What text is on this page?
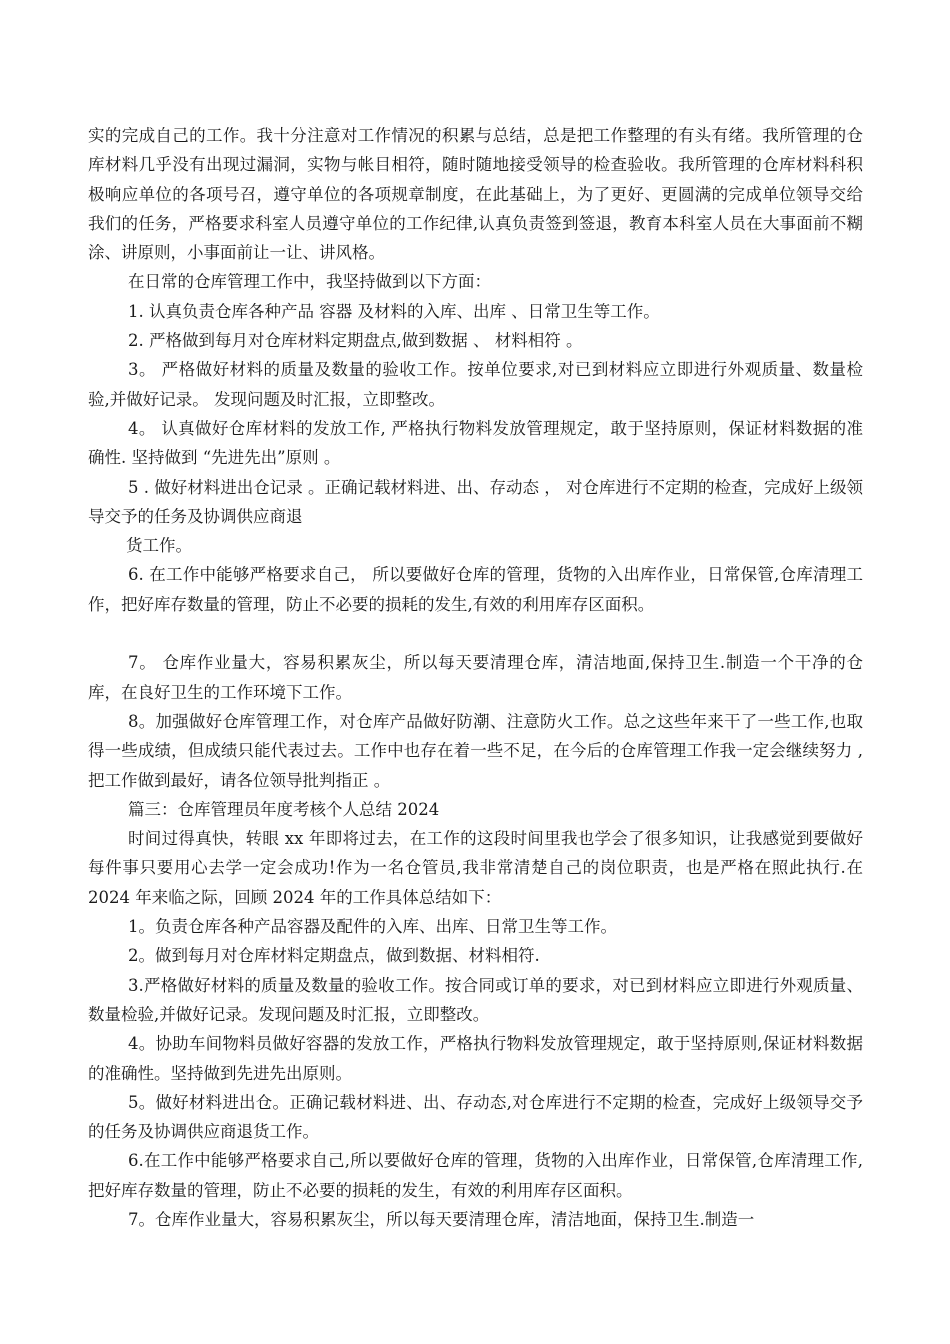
实的完成自己的工作。我十分注意对工作情况的积累与总结，总是把工作整理的有头有绪。我所管理的仓库材料几乎没有出现过漏洞，实物与帐目相符，随时随地接受领导的检查验收。我所管理的仓库材料科积极响应单位的各项号召，遵守单位的各项规章制度，在此基础上，为了更好、更圆满的完成单位领导交给我们的任务，严格要求科室人员遵守单位的工作纪律,认真负责签到签退，教育本科室人员在大事面前不糊涂、讲原则，小事面前让一让、讲风格。

在日常的仓库管理工作中，我坚持做到以下方面：

1. 认真负责仓库各种产品 容器 及材料的入库、出库 、日常卫生等工作。

2. 严格做到每月对仓库材料定期盘点,做到数据 、 材料相符 。

3。 严格做好材料的质量及数量的验收工作。按单位要求,对已到材料应立即进行外观质量、数量检验,并做好记录。 发现问题及时汇报，立即整改。

4。 认真做好仓库材料的发放工作, 严格执行物料发放管理规定，敢于坚持原则，保证材料数据的准确性. 坚持做到 “先进先出”原则 。

5 . 做好材料进出仓记录 。正确记载材料进、出、存动态 ， 对仓库进行不定期的检查，完成好上级领导交予的任务及协调供应商退

货工作。

6. 在工作中能够严格要求自己， 所以要做好仓库的管理，货物的入出库作业，日常保管,仓库清理工作，把好库存数量的管理，防止不必要的损耗的发生,有效的利用库存区面积。

7。 仓库作业量大，容易积累灰尘，所以每天要清理仓库，清洁地面,保持卫生.制造一个干净的仓库，在良好卫生的工作环境下工作。

8。加强做好仓库管理工作，对仓库产品做好防潮、注意防火工作。总之这些年来干了一些工作,也取得一些成绩，但成绩只能代表过去。工作中也存在着一些不足，在今后的仓库管理工作我一定会继续努力 ,把工作做到最好，请各位领导批判指正 。

篇三：仓库管理员年度考核个人总结 2024

时间过得真快，转眼 xx 年即将过去，在工作的这段时间里我也学会了很多知识，让我感觉到要做好每件事只要用心去学一定会成功!作为一名仓管员,我非常清楚自己的岗位职责，也是严格在照此执行.在 2024 年来临之际，回顾 2024 年的工作具体总结如下：

1。负责仓库各种产品容器及配件的入库、出库、日常卫生等工作。

2。做到每月对仓库材料定期盘点，做到数据、材料相符.

3.严格做好材料的质量及数量的验收工作。按合同或订单的要求，对已到材料应立即进行外观质量、数量检验,并做好记录。发现问题及时汇报，立即整改。

4。协助车间物料员做好容器的发放工作，严格执行物料发放管理规定，敢于坚持原则,保证材料数据的准确性。坚持做到先进先出原则。

5。做好材料进出仓。正确记载材料进、出、存动态,对仓库进行不定期的检查，完成好上级领导交予的任务及协调供应商退货工作。

6.在工作中能够严格要求自己,所以要做好仓库的管理，货物的入出库作业，日常保管,仓库清理工作,把好库存数量的管理，防止不必要的损耗的发生，有效的利用库存区面积。

7。仓库作业量大，容易积累灰尘，所以每天要清理仓库，清洁地面，保持卫生.制造一
